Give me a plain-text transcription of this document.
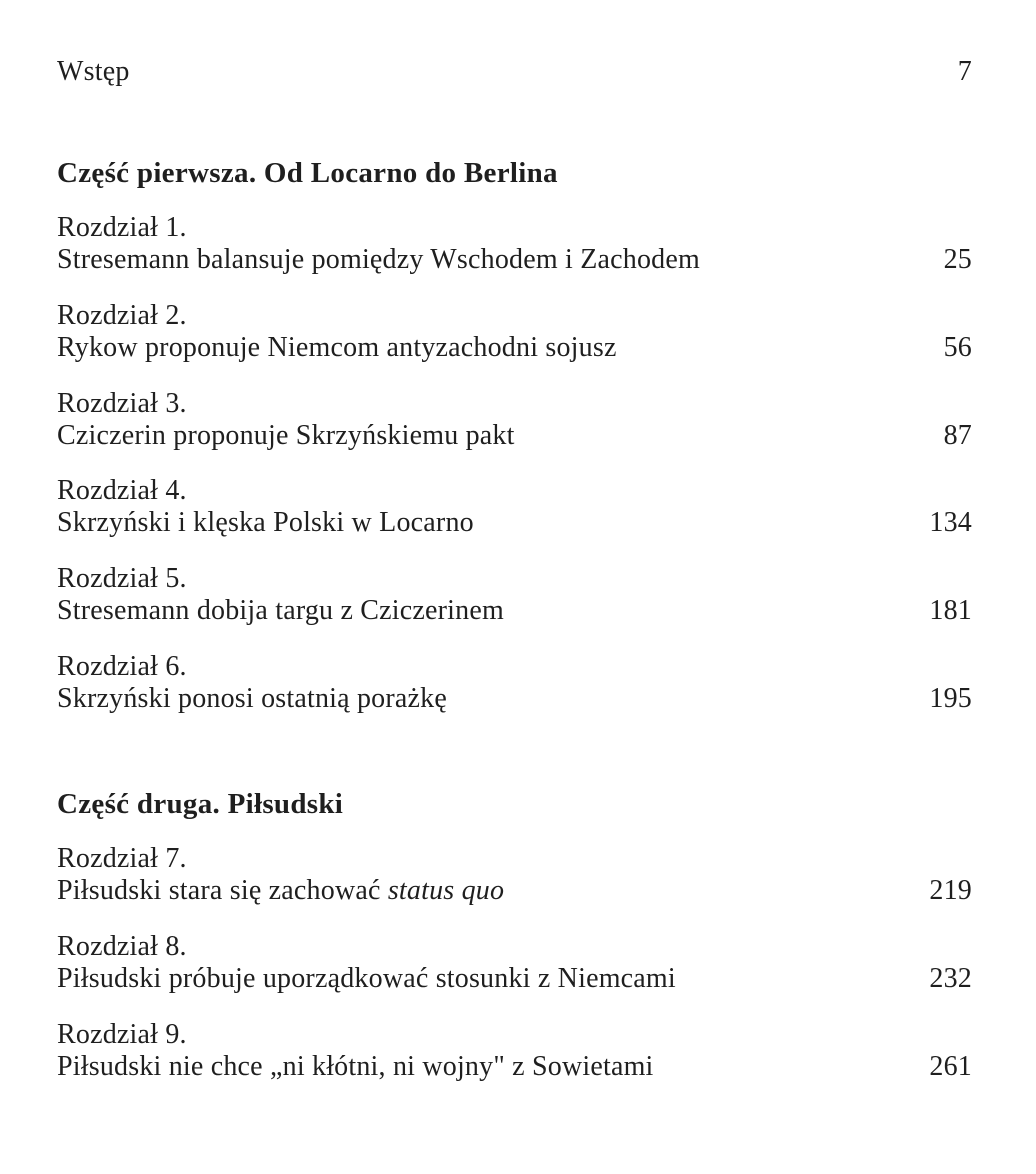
Wstęp	7
Część pierwsza. Od Locarno do Berlina
Rozdział 1.
Stresemann balansuje pomiędzy Wschodem i Zachodem	25
Rozdział 2.
Rykow proponuje Niemcom antyzachodni sojusz	56
Rozdział 3.
Cziczerin proponuje Skrzyńskiemu pakt	87
Rozdział 4.
Skrzyński i klęska Polski w Locarno	134
Rozdział 5.
Stresemann dobija targu z Cziczerinem	181
Rozdział 6.
Skrzyński ponosi ostatnią porażkę	195
Część druga. Piłsudski
Rozdział 7.
Piłsudski stara się zachować status quo	219
Rozdział 8.
Piłsudski próbuje uporządkować stosunki z Niemcami	232
Rozdział 9.
Piłsudski nie chce „ni kłótni, ni wojny" z Sowietami	261
